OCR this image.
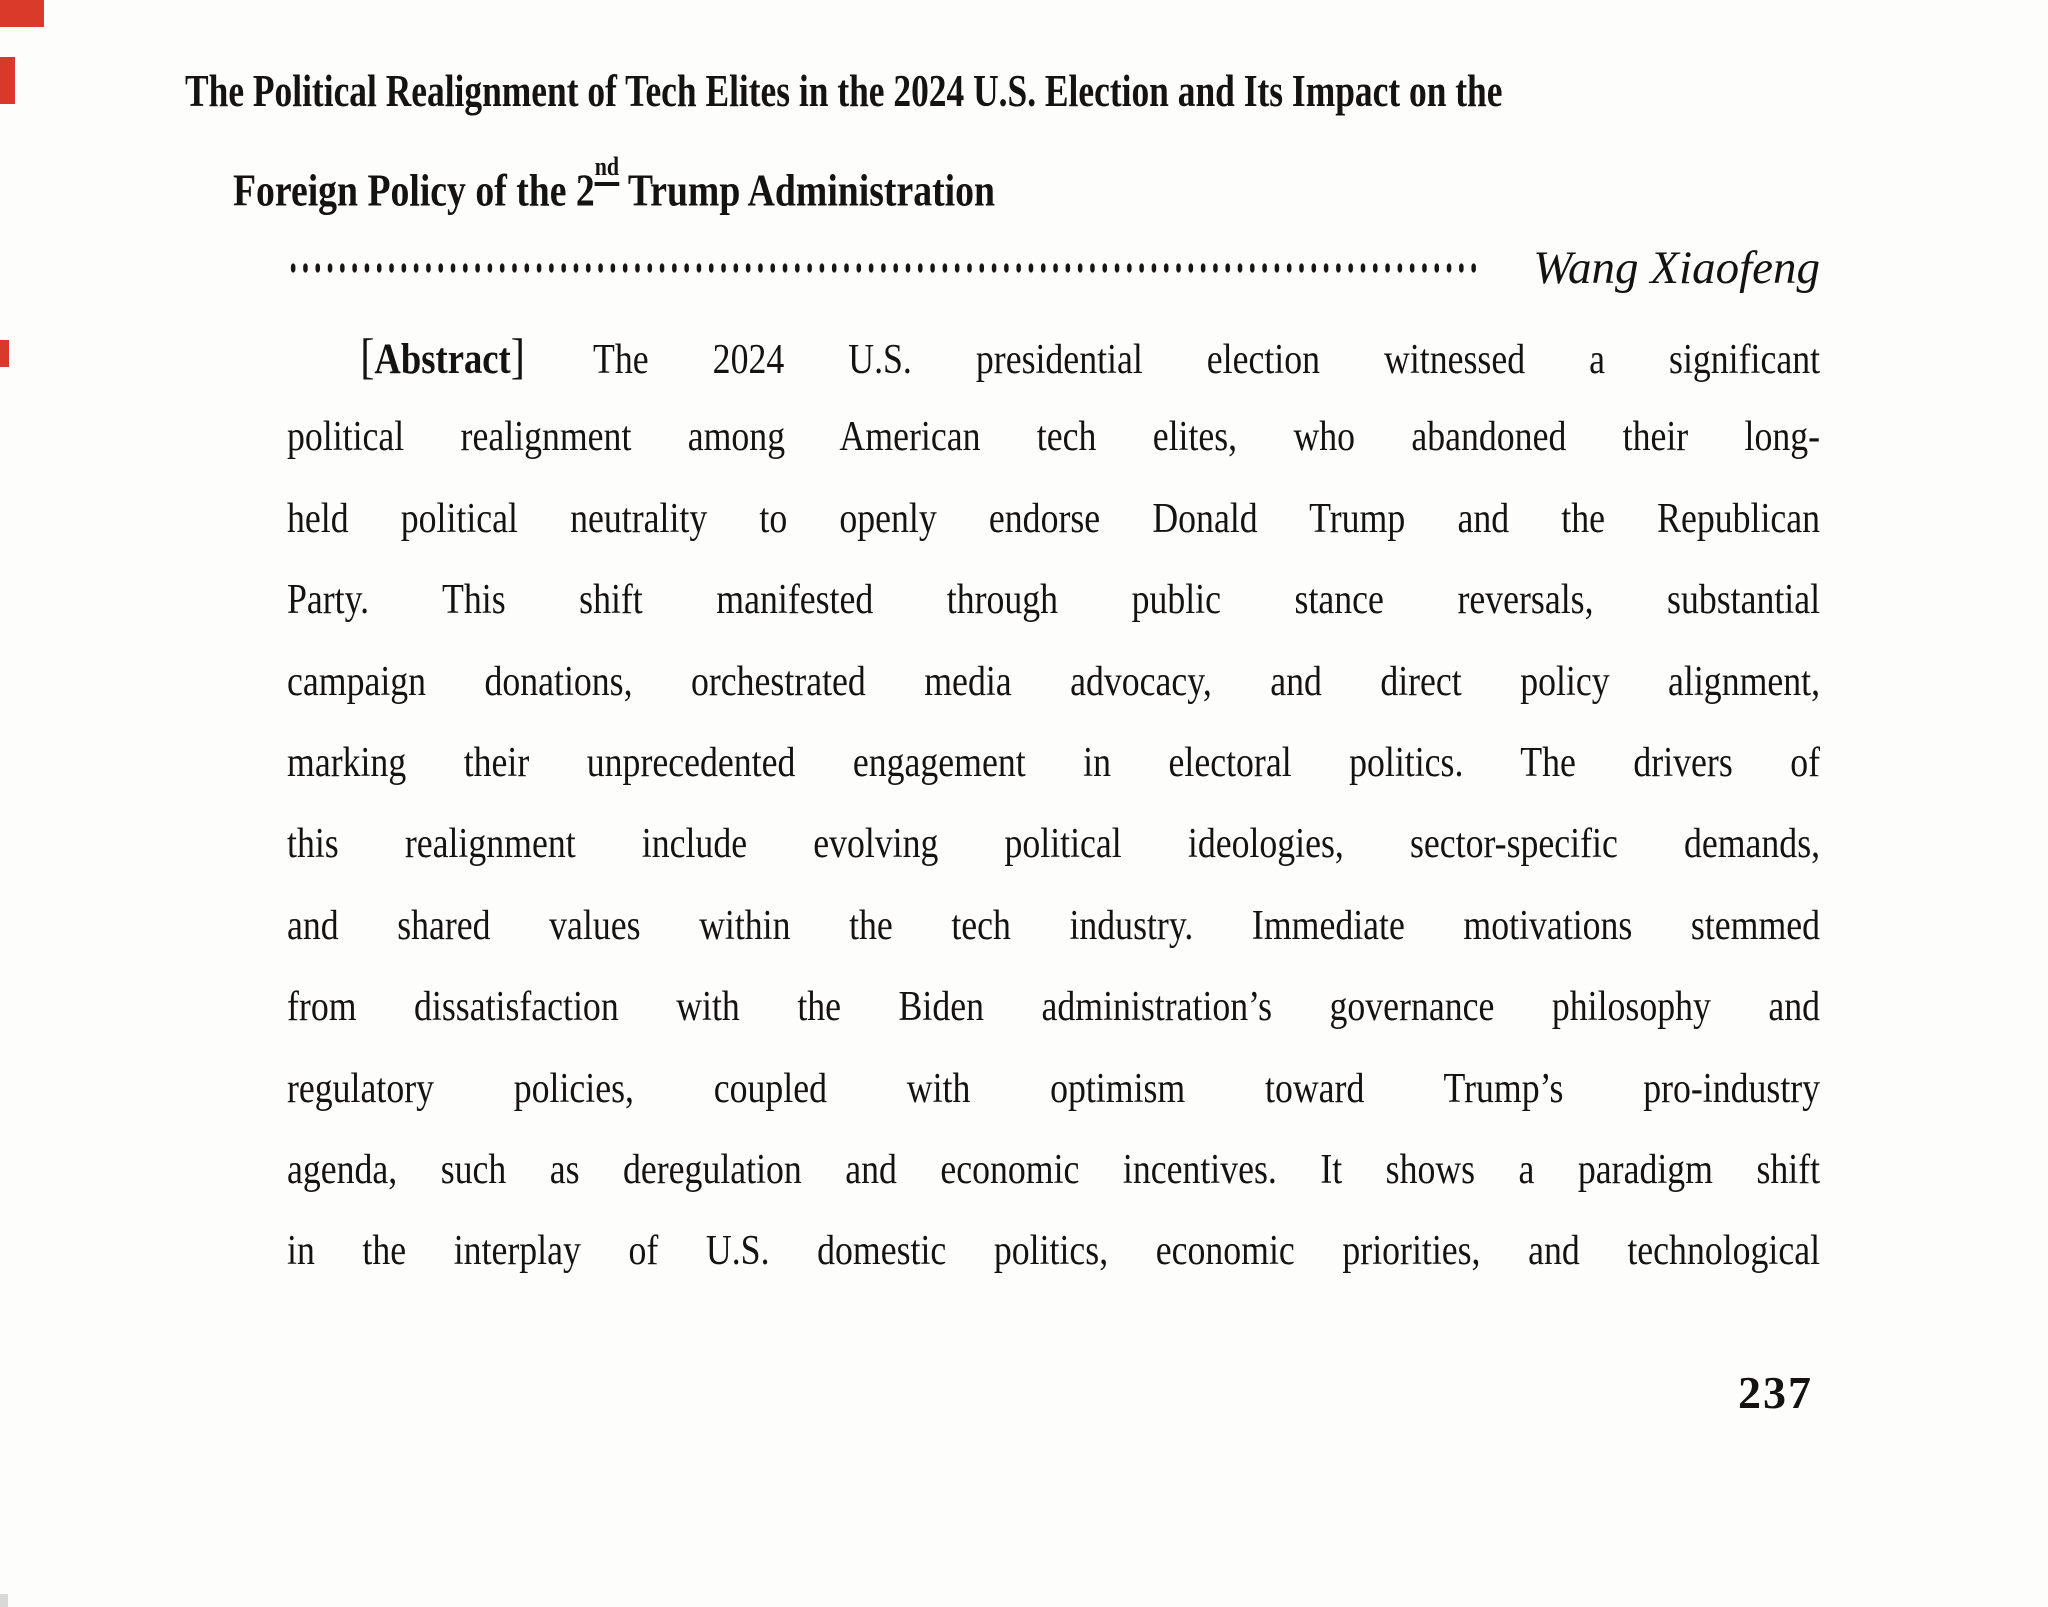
The Political Realignment of Tech Elites in the 2024 U.S. Election and Its Impact on the
Foreign Policy of the 2nd Trump Administration
Wang Xiaofeng
[Abstract] The 2024 U.S. presidential election witnessed a significant
political realignment among American tech elites, who abandoned their long-
held political neutrality to openly endorse Donald Trump and the Republican
Party. This shift manifested through public stance reversals, substantial
campaign donations, orchestrated media advocacy, and direct policy alignment,
marking their unprecedented engagement in electoral politics. The drivers of
this realignment include evolving political ideologies, sector-specific demands,
and shared values within the tech industry. Immediate motivations stemmed
from dissatisfaction with the Biden administration’s governance philosophy and
regulatory policies, coupled with optimism toward Trump’s pro-industry
agenda, such as deregulation and economic incentives. It shows a paradigm shift
in the interplay of U.S. domestic politics, economic priorities, and technological
237
